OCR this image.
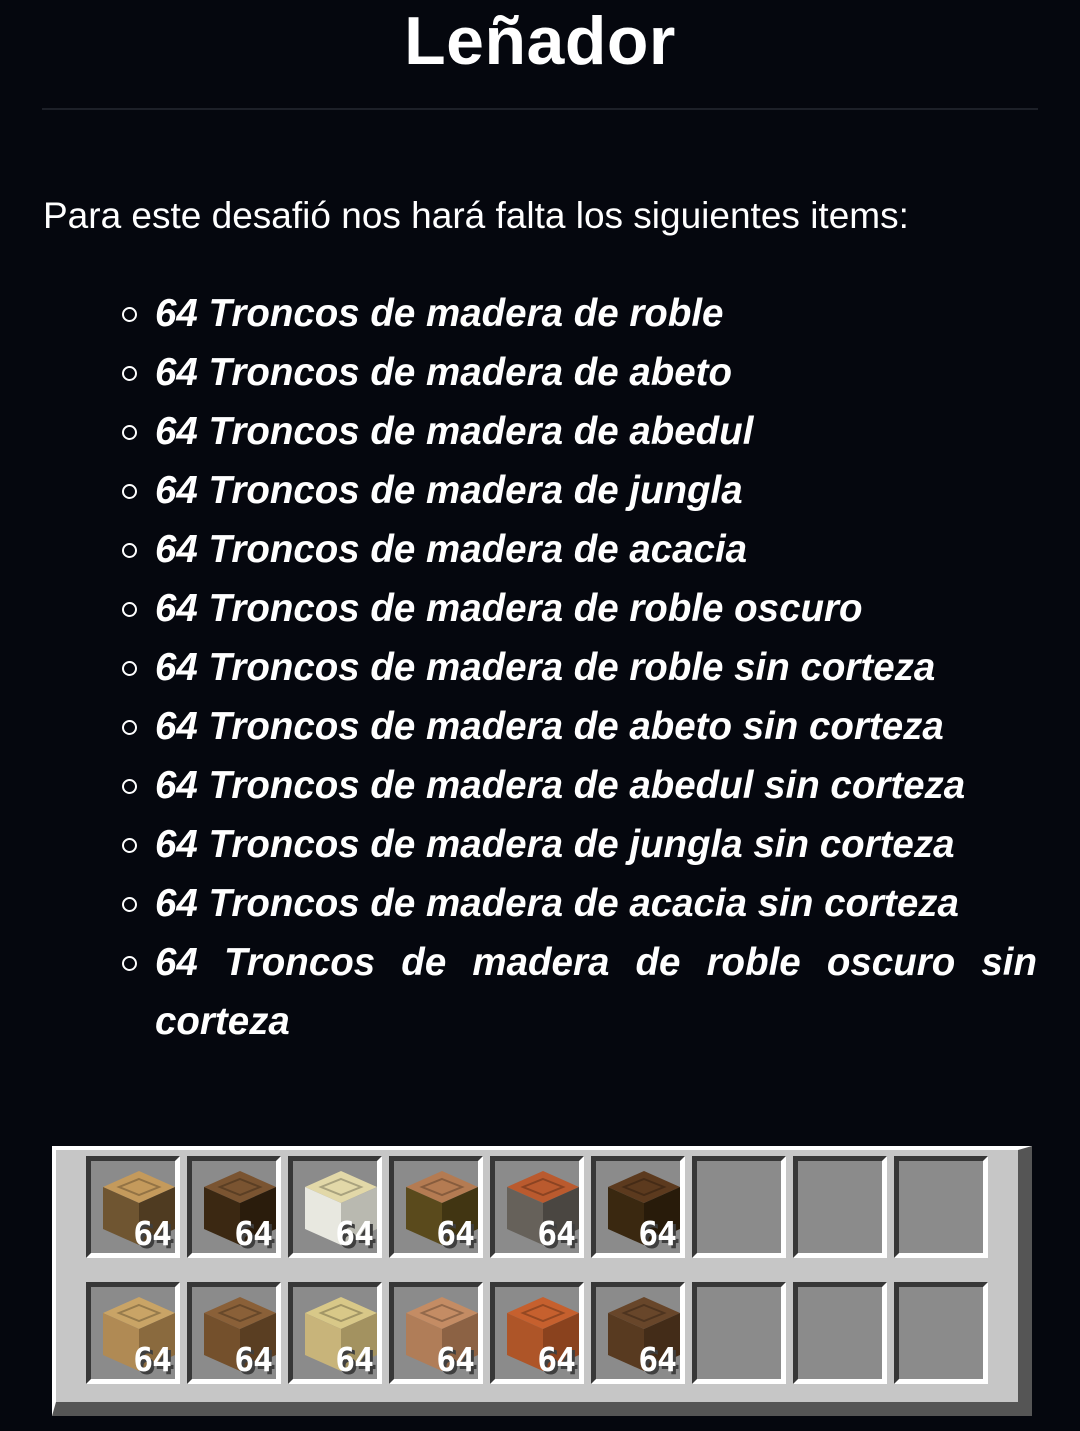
Leñador
Para este desafió nos hará falta los siguientes items:
64 Troncos de madera de roble
64 Troncos de madera de abeto
64 Troncos de madera de abedul
64 Troncos de madera de jungla
64 Troncos de madera de acacia
64 Troncos de madera de roble oscuro
64 Troncos de madera de roble sin corteza
64 Troncos de madera de abeto sin corteza
64 Troncos de madera de abedul sin corteza
64 Troncos de madera de jungla sin corteza
64 Troncos de madera de acacia sin corteza
64 Troncos de madera de roble oscuro sin corteza
64 64 64 64 64 64
64 64 64 64 64 64
